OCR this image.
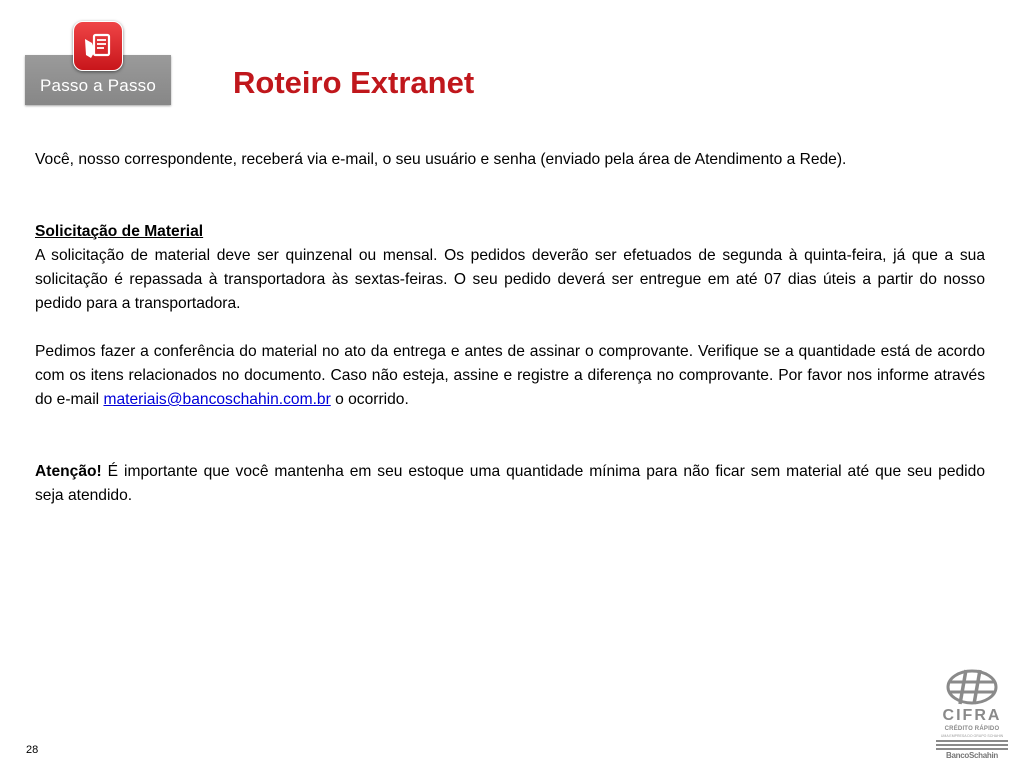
Passo a Passo	Roteiro Extranet

Você, nosso correspondente, receberá via e-mail, o seu usuário e senha (enviado pela área de Atendimento a Rede).

Solicitação de Material

A solicitação de material deve ser quinzenal ou mensal. Os pedidos deverão ser efetuados de segunda à quinta-feira, já que a sua solicitação é repassada à transportadora às sextas-feiras. O seu pedido deverá ser entregue em até 07 dias úteis a partir do nosso pedido para a transportadora.

Pedimos fazer a conferência do material no ato da entrega e antes de assinar o comprovante. Verifique se a quantidade está de acordo com os itens relacionados no documento. Caso não esteja, assine e registre a diferença no comprovante. Por favor nos informe através do e-mail materiais@bancoschahin.com.br o ocorrido.

Atenção! É importante que você mantenha em seu estoque uma quantidade mínima para não ficar sem material até que seu pedido seja atendido.

28
CIFRA
CRÉDITO RÁPIDO
UMA EMPRESA DO GRUPO SCHAHIN
BancoSchahin
